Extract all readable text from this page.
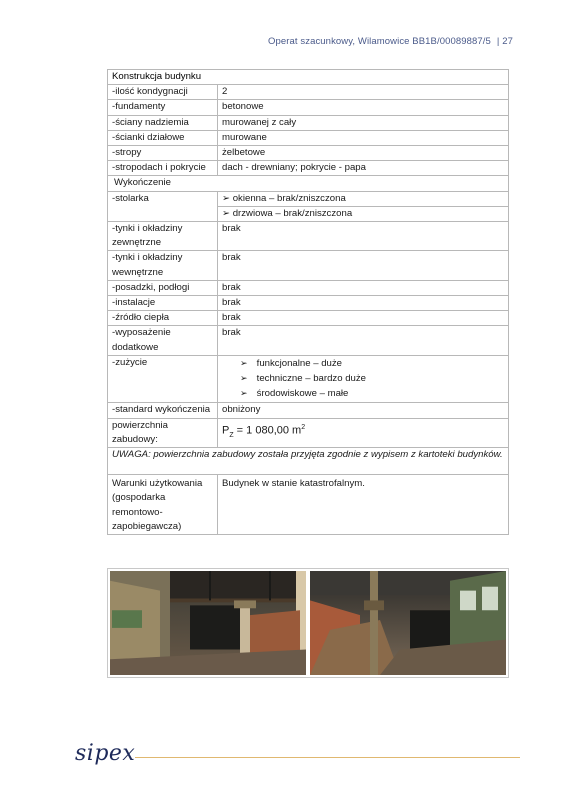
Operat szacunkowy, Wilamowice BB1B/00089887/5 | 27
Konstrukcja budynku	
-ilość kondygnacji	2
-fundamenty	betonowe
-ściany nadziemia	murowanej z cały
-ścianki działowe	murowane
-stropy	żelbetowe
-stropodach i pokrycie	dach - drewniany; pokrycie - papa
Wykończenie	
-stolarka	➢ okienna – brak/zniszczona
➢ drzwiowa – brak/zniszczona

-tynki i okładziny zewnętrzne	brak
-tynki i okładziny wewnętrzne	brak
-posadzki, podłogi	brak
-instalacje	brak
-źródło ciepła	brak
-wyposażenie dodatkowe	brak
-zużycie	➢ funkcjonalne – duże
➢ techniczne – bardzo duże
➢ środowiskowe – małe

-standard wykończenia	obniżony
powierzchnia zabudowy:	$P_Z = 1$ 080,00 $m^2$
UWAGA: powierzchnia zabudowy została przyjęta zgodnie z wypisem z kartoteki budynków.	
Warunki użytkowania (gospodarka remontowo-zapobiegawcza)	Budynek w stanie katastrofalnym.
sipex
